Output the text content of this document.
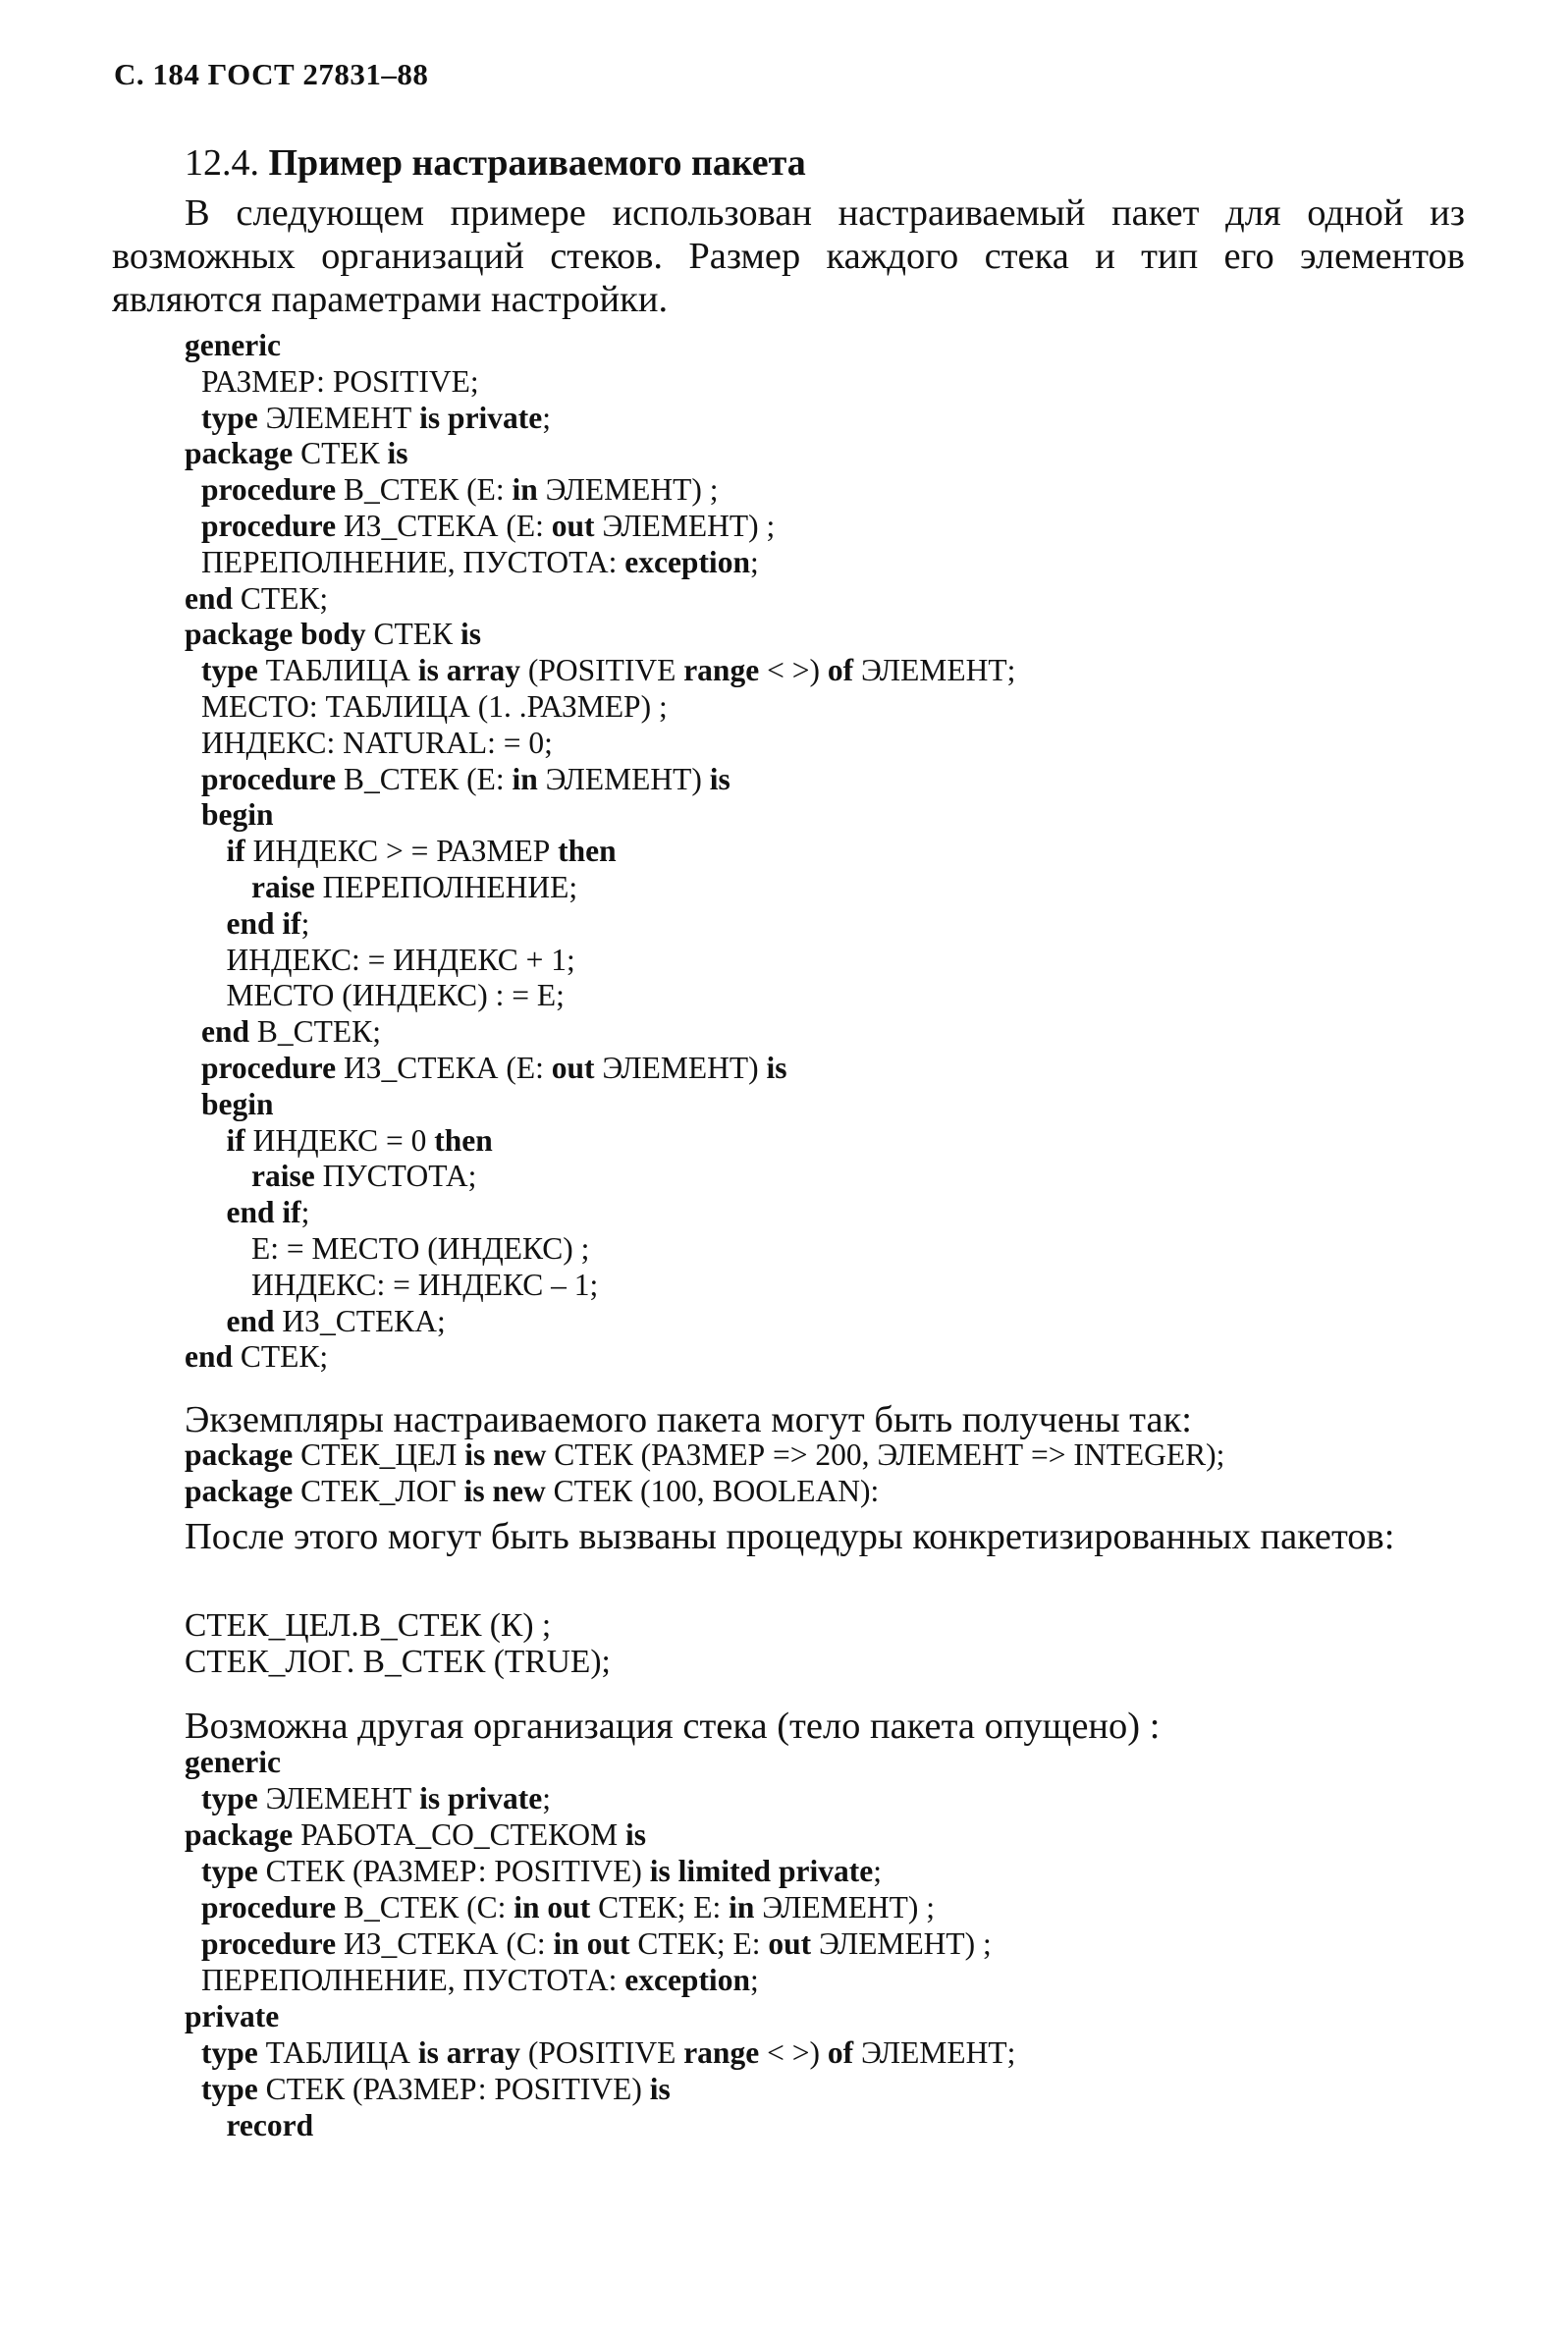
С. 184 ГОСТ 27831–88
12.4. Пример настраиваемого пакета

В следующем примере использован настраиваемый пакет для одной из возможных организаций стеков. Размер каждого стека и тип его элементов являются параметрами настройки.

generic
РАЗМЕР: POSITIVE;
type ЭЛЕМЕНТ is private;
package СТЕК is
procedure В_СТЕК (Е: in ЭЛЕМЕНТ) ;
procedure ИЗ_СТЕКА (Е: out ЭЛЕМЕНТ) ;
ПЕРЕПОЛНЕНИЕ, ПУСТОТА: exception;
end СТЕК;
package body СТЕК is
type ТАБЛИЦА is array (POSITIVE range < >) of ЭЛЕМЕНТ;
МЕСТО: ТАБЛИЦА (1. .РАЗМЕР) ;
ИНДЕКС: NATURAL: = 0;
procedure В_СТЕК (Е: in ЭЛЕМЕНТ) is
begin
if ИНДЕКС > = РАЗМЕР then
raise ПЕРЕПОЛНЕНИЕ;
end if;
ИНДЕКС: = ИНДЕКС + 1;
МЕСТО (ИНДЕКС) : = Е;
end В_СТЕК;
procedure ИЗ_СТЕКА (Е: out ЭЛЕМЕНТ) is
begin
if ИНДЕКС = 0 then
raise ПУСТОТА;
end if;
Е: = МЕСТО (ИНДЕКС) ;
ИНДЕКС: = ИНДЕКС – 1;
end ИЗ_СТЕКА;
end СТЕК;
Экземпляры настраиваемого пакета могут быть получены так:
package СТЕК_ЦЕЛ is new СТЕК (РАЗМЕР => 200, ЭЛЕМЕНТ => INTEGER);
package СТЕК_ЛОГ is new СТЕК (100, BOOLEAN):

После этого могут быть вызваны процедуры конкретизированных пакетов:

СТЕК_ЦЕЛ.В_СТЕК (К) ;
СТЕК_ЛОГ. В_СТЕК (TRUE);
Возможна другая организация стека (тело пакета опущено) :
generic
type ЭЛЕМЕНТ is private;
package РАБОТА_СО_СТЕКОМ is
type СТЕК (РАЗМЕР: POSITIVE) is limited private;
procedure В_СТЕК (С: in out СТЕК; Е: in ЭЛЕМЕНТ) ;
procedure ИЗ_СТЕКА (С: in out СТЕК; Е: out ЭЛЕМЕНТ) ;
ПЕРЕПОЛНЕНИЕ, ПУСТОТА: exception;
private
type ТАБЛИЦА is array (POSITIVE range < >) of ЭЛЕМЕНТ;
type СТЕК (РАЗМЕР: POSITIVE) is
record
